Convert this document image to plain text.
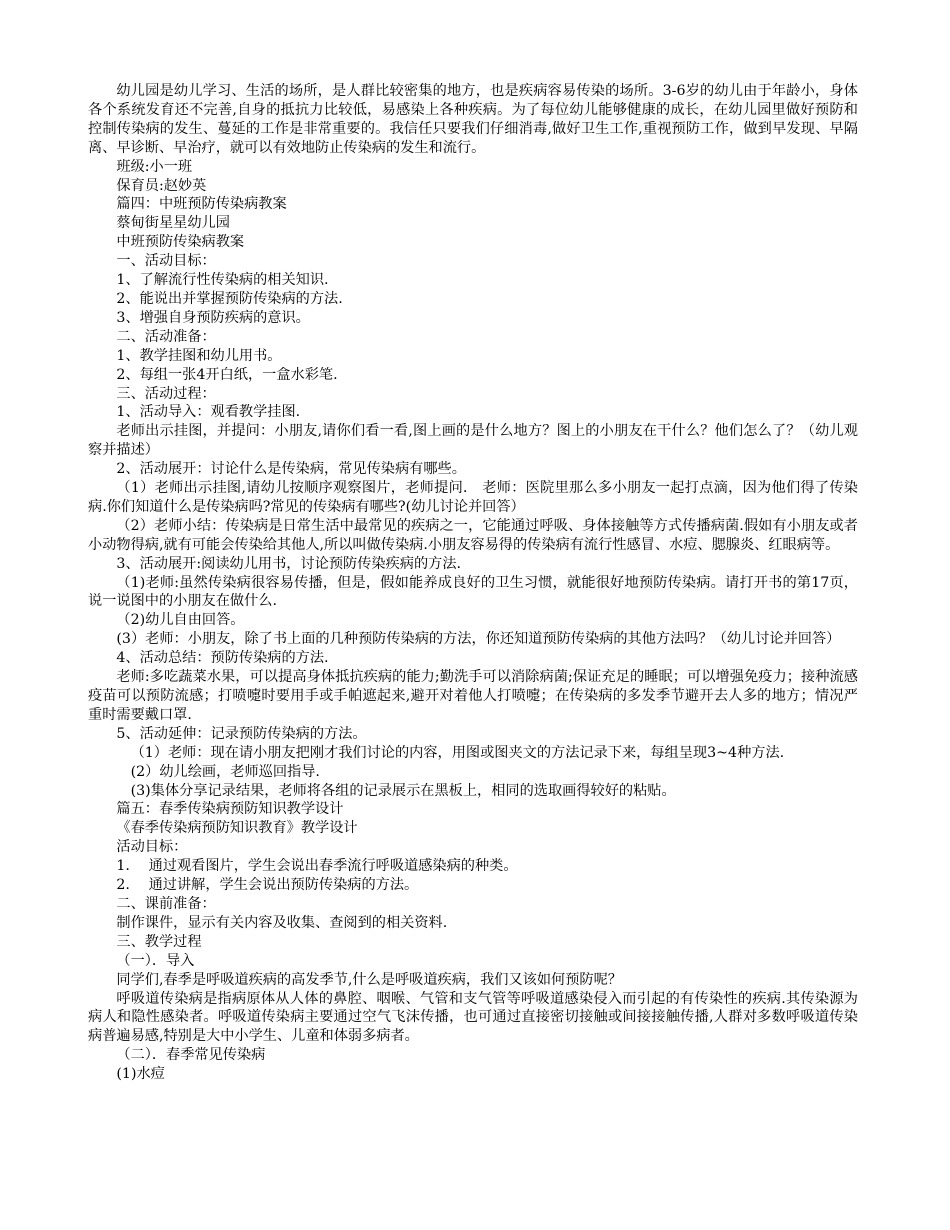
幼儿园是幼儿学习、生活的场所，是人群比较密集的地方，也是疾病容易传染的场所。3-6岁的幼儿由于年龄小，身体各个系统发育还不完善,自身的抵抗力比较低，易感染上各种疾病。为了每位幼儿能够健康的成长，在幼儿园里做好预防和控制传染病的发生、蔓延的工作是非常重要的。我信任只要我们仔细消毒,做好卫生工作,重视预防工作，做到早发现、早隔离、早诊断、早治疗，就可以有效地防止传染病的发生和流行。

班级:小一班

保育员:赵妙英

篇四：中班预防传染病教案

蔡甸街星星幼儿园

中班预防传染病教案

一、活动目标：

1、了解流行性传染病的相关知识.

2、能说出并掌握预防传染病的方法.

3、增强自身预防疾病的意识。

二、活动准备：

1、教学挂图和幼儿用书。

2、每组一张4开白纸，一盒水彩笔.

三、活动过程：

1、活动导入：观看教学挂图.

老师出示挂图，并提问：小朋友,请你们看一看,图上画的是什么地方？图上的小朋友在干什么？他们怎么了？（幼儿观察并描述）

2、活动展开：讨论什么是传染病，常见传染病有哪些。

（1）老师出示挂图,请幼儿按顺序观察图片，老师提问． 老师：医院里那么多小朋友一起打点滴，因为他们得了传染病.你们知道什么是传染病吗?常见的传染病有哪些?(幼儿讨论并回答）

（2）老师小结：传染病是日常生活中最常见的疾病之一，它能通过呼吸、身体接触等方式传播病菌.假如有小朋友或者小动物得病,就有可能会传染给其他人,所以叫做传染病.小朋友容易得的传染病有流行性感冒、水痘、腮腺炎、红眼病等。

3、活动展开:阅读幼儿用书，讨论预防传染疾病的方法.

（1)老师:虽然传染病很容易传播，但是，假如能养成良好的卫生习惯，就能很好地预防传染病。请打开书的第17页，说一说图中的小朋友在做什么.

（2)幼儿自由回答。

(3）老师：小朋友，除了书上面的几种预防传染病的方法，你还知道预防传染病的其他方法吗？（幼儿讨论并回答）

4、活动总结：预防传染病的方法.

老师:多吃蔬菜水果，可以提高身体抵抗疾病的能力;勤洗手可以消除病菌;保证充足的睡眠；可以增强免疫力；接种流感疫苗可以预防流感；打喷嚏时要用手或手帕遮起来,避开对着他人打喷嚏；在传染病的多发季节避开去人多的地方；情况严重时需要戴口罩.

5、活动延伸：记录预防传染病的方法。

（1）老师：现在请小朋友把刚才我们讨论的内容，用图或图夹文的方法记录下来，每组呈现3~4种方法.

(2）幼儿绘画，老师巡回指导.

(3)集体分享记录结果，老师将各组的记录展示在黑板上，相同的选取画得较好的粘贴。

篇五：春季传染病预防知识教学设计

《春季传染病预防知识教育》教学设计

活动目标：

1.　 通过观看图片，学生会说出春季流行呼吸道感染病的种类。

2.　 通过讲解，学生会说出预防传染病的方法。

二、课前准备：

制作课件，显示有关内容及收集、查阅到的相关资料.

三、教学过程

（一）．导入

同学们,春季是呼吸道疾病的高发季节,什么是呼吸道疾病，我们又该如何预防呢？

呼吸道传染病是指病原体从人体的鼻腔、咽喉、气管和支气管等呼吸道感染侵入而引起的有传染性的疾病.其传染源为病人和隐性感染者。呼吸道传染病主要通过空气飞沫传播，也可通过直接密切接触或间接接触传播,人群对多数呼吸道传染病普遍易感,特别是大中小学生、儿童和体弱多病者。

（二）．春季常见传染病

(1)水痘
